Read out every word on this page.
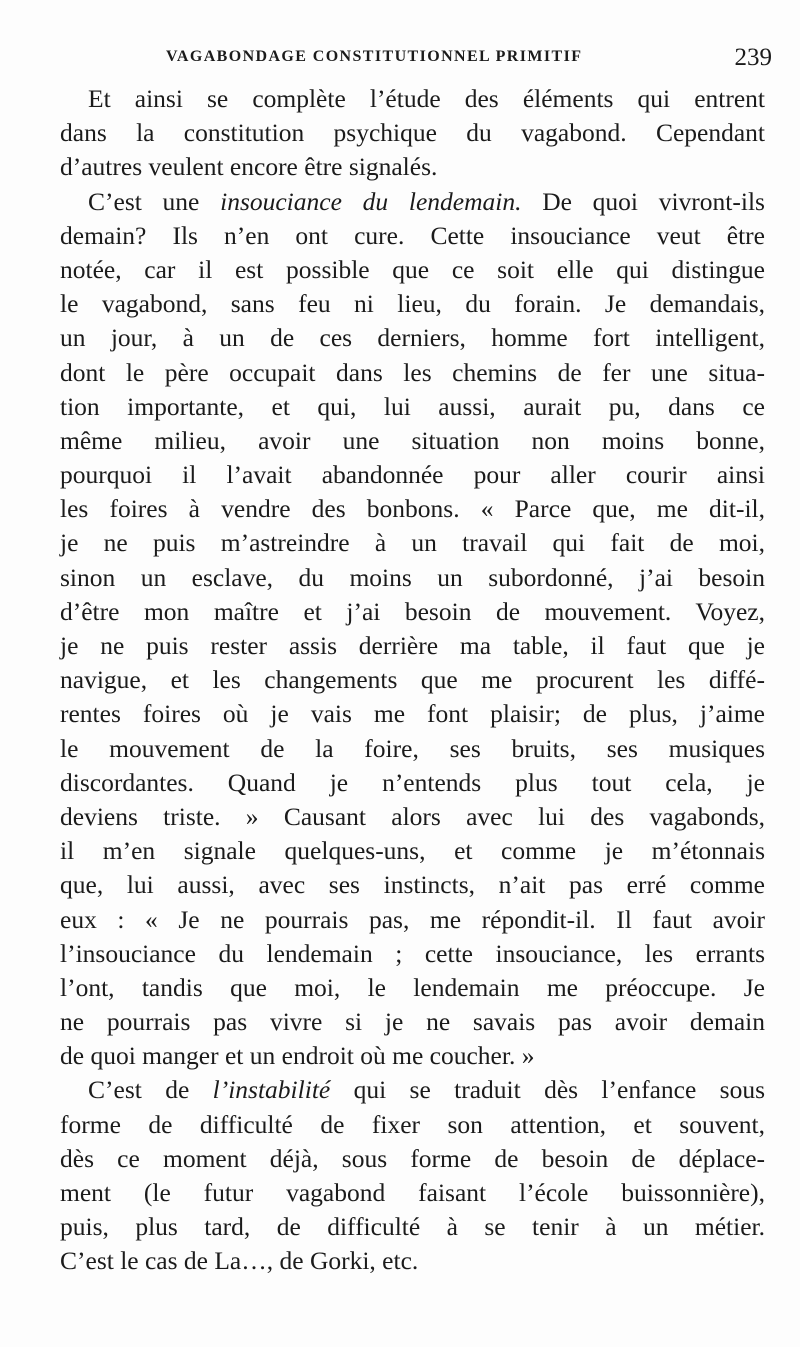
VAGABONDAGE CONSTITUTIONNEL PRIMITIF	239
Et ainsi se complète l’étude des éléments qui entrent
dans la constitution psychique du vagabond. Cependant
d’autres veulent encore être signalés.
C’est une insouciance du lendemain. De quoi vivront-ils
demain? Ils n’en ont cure. Cette insouciance veut être
notée, car il est possible que ce soit elle qui distingue
le vagabond, sans feu ni lieu, du forain. Je demandais,
un jour, à un de ces derniers, homme fort intelligent,
dont le père occupait dans les chemins de fer une situa-
tion importante, et qui, lui aussi, aurait pu, dans ce
même milieu, avoir une situation non moins bonne,
pourquoi il l’avait abandonnée pour aller courir ainsi
les foires à vendre des bonbons. « Parce que, me dit-il,
je ne puis m’astreindre à un travail qui fait de moi,
sinon un esclave, du moins un subordonné, j’ai besoin
d’être mon maître et j’ai besoin de mouvement. Voyez,
je ne puis rester assis derrière ma table, il faut que je
navigue, et les changements que me procurent les diffé-
rentes foires où je vais me font plaisir; de plus, j’aime
le mouvement de la foire, ses bruits, ses musiques
discordantes. Quand je n’entends plus tout cela, je
deviens triste. » Causant alors avec lui des vagabonds,
il m’en signale quelques-uns, et comme je m’étonnais
que, lui aussi, avec ses instincts, n’ait pas erré comme
eux : « Je ne pourrais pas, me répondit-il. Il faut avoir
l’insouciance du lendemain ; cette insouciance, les errants
l’ont, tandis que moi, le lendemain me préoccupe. Je
ne pourrais pas vivre si je ne savais pas avoir demain
de quoi manger et un endroit où me coucher. »
C’est de l’instabilité qui se traduit dès l’enfance sous
forme de difficulté de fixer son attention, et souvent,
dès ce moment déjà, sous forme de besoin de déplace-
ment (le futur vagabond faisant l’école buissonnière),
puis, plus tard, de difficulté à se tenir à un métier.
C’est le cas de La…, de Gorki, etc.
